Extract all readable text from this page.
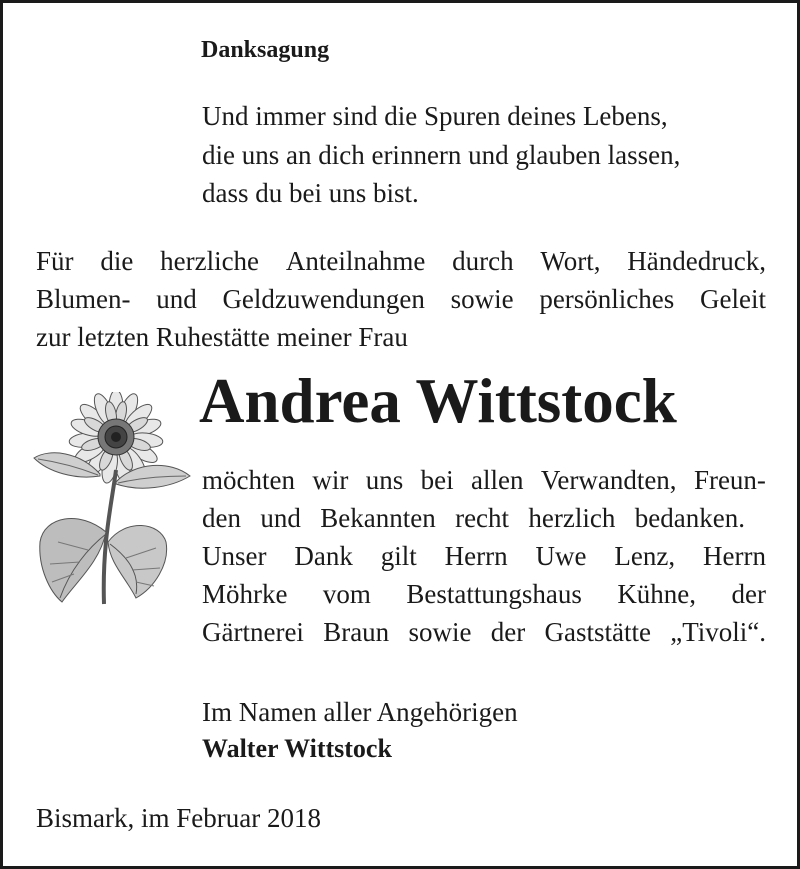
Danksagung
Und immer sind die Spuren deines Lebens,
die uns an dich erinnern und glauben lassen,
dass du bei uns bist.
Für die herzliche Anteilnahme durch Wort, Händedruck,
Blumen- und Geldzuwendungen sowie persönliches Geleit
zur letzten Ruhestätte meiner Frau
Andrea Wittstock
möchten wir uns bei allen Verwandten, Freun-
den und Bekannten recht herzlich bedanken.
Unser Dank gilt Herrn Uwe Lenz, Herrn
Möhrke vom Bestattungshaus Kühne, der
Gärtnerei Braun sowie der Gaststätte „Tivoli“.
Im Namen aller Angehörigen
Walter Wittstock
Bismark, im Februar 2018
